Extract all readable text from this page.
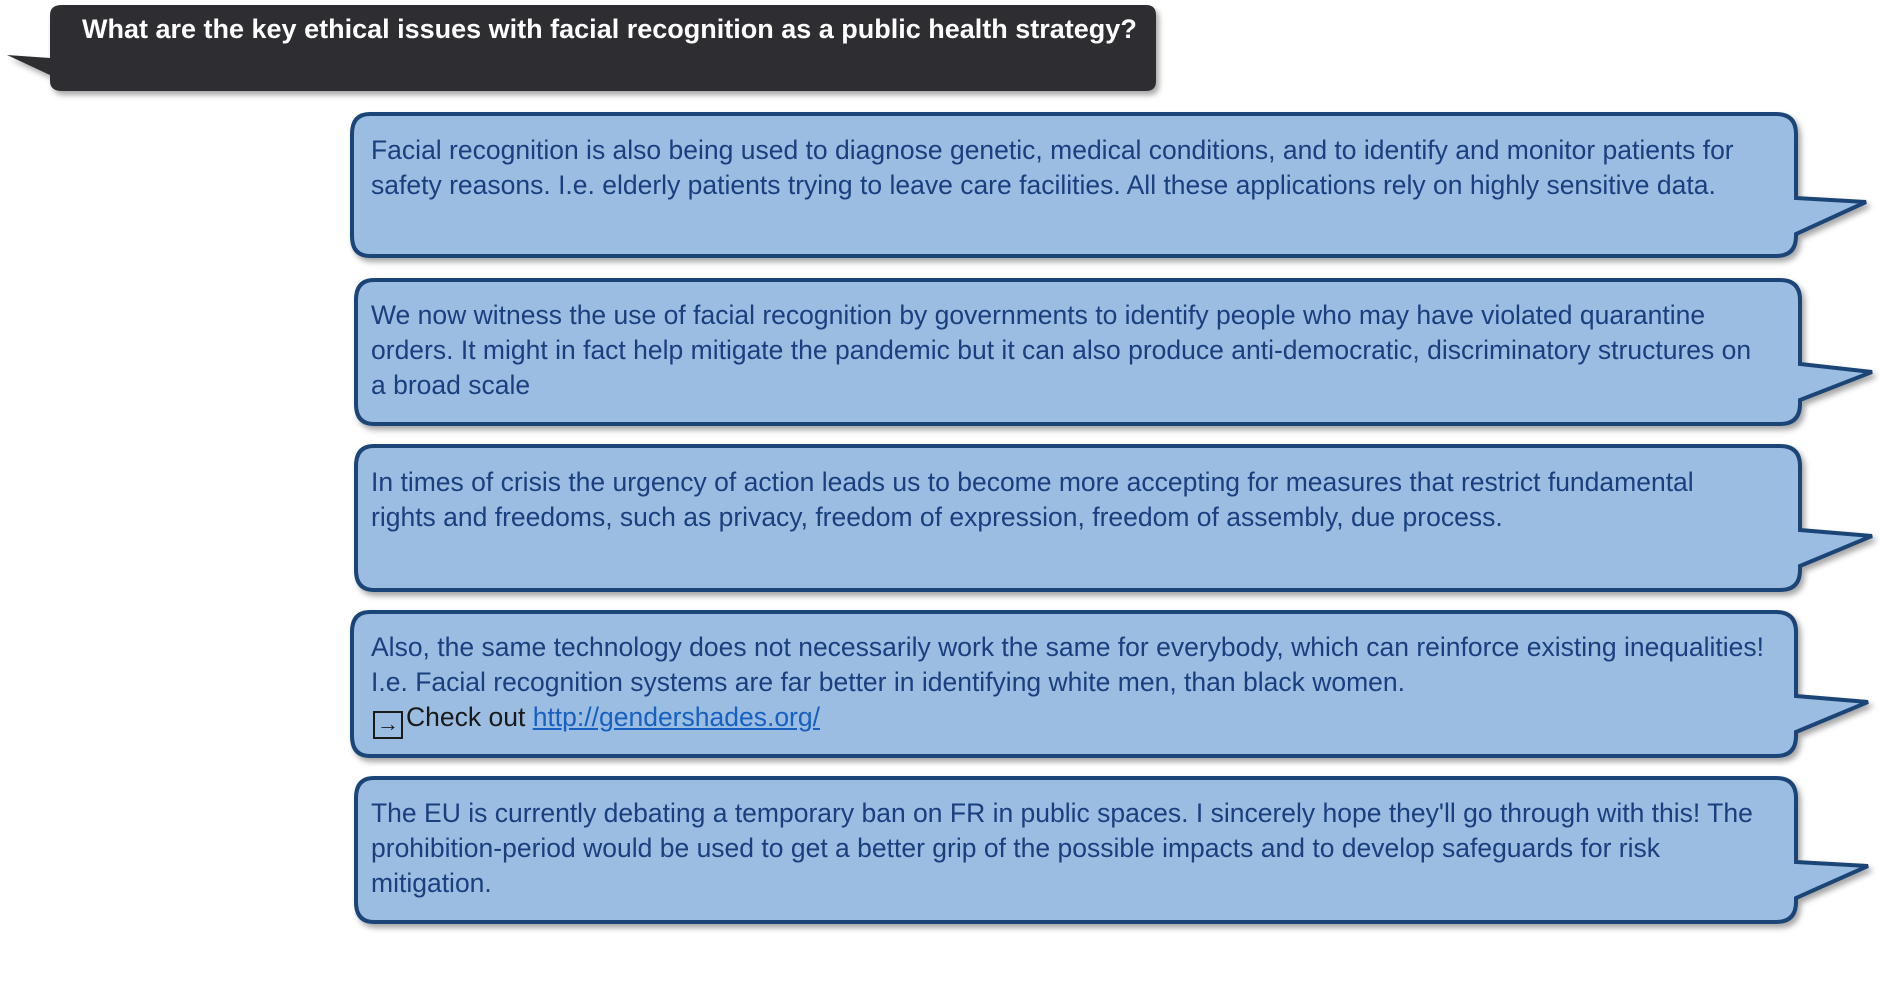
What are the key ethical issues with facial recognition as a public health strategy?

Facial recognition is also being used to diagnose genetic, medical conditions, and to identify and monitor patients for safety reasons. I.e. elderly patients trying to leave care facilities. All these applications rely on highly sensitive data.

We now witness the use of facial recognition by governments to identify people who may have violated quarantine orders. It might in fact help mitigate the pandemic but it can also produce anti-democratic, discriminatory structures on a broad scale

In times of crisis the urgency of action leads us to become more accepting for measures that restrict fundamental rights and freedoms, such as privacy, freedom of expression, freedom of assembly, due process.

Also, the same technology does not necessarily work the same for everybody, which can reinforce existing inequalities! I.e. Facial recognition systems are far better in identifying white men, than black women.
→ Check out http://gendershades.org/

The EU is currently debating a temporary ban on FR in public spaces. I sincerely hope they'll go through with this! The prohibition-period would be used to get a better grip of the possible impacts and to develop safeguards for risk mitigation.
